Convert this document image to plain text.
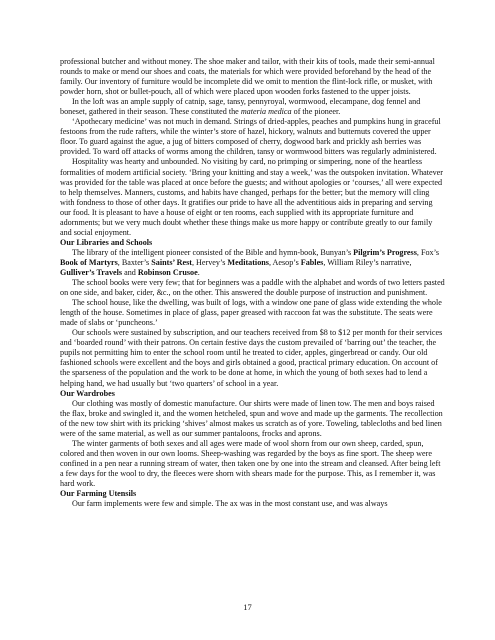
professional butcher and without money. The shoe maker and tailor, with their kits of tools, made their semi-annual rounds to make or mend our shoes and coats, the materials for which were provided beforehand by the head of the family. Our inventory of furniture would be incomplete did we omit to mention the flint-lock rifle, or musket, with powder horn, shot or bullet-pouch, all of which were placed upon wooden forks fastened to the upper joists.

In the loft was an ample supply of catnip, sage, tansy, pennyroyal, wormwood, elecampane, dog fennel and boneset, gathered in their season. These constituted the materia medica of the pioneer.

‘Apothecary medicine’ was not much in demand. Strings of dried-apples, peaches and pumpkins hung in graceful festoons from the rude rafters, while the winter’s store of hazel, hickory, walnuts and butternuts covered the upper floor. To guard against the ague, a jug of bitters composed of cherry, dogwood bark and prickly ash berries was provided. To ward off attacks of worms among the children, tansy or wormwood bitters was regularly administered.

Hospitality was hearty and unbounded. No visiting by card, no primping or simpering, none of the heartless formalities of modern artificial society. ‘Bring your knitting and stay a week,’ was the outspoken invitation. Whatever was provided for the table was placed at once before the guests; and without apologies or ‘courses,’ all were expected to help themselves. Manners, customs, and habits have changed, perhaps for the better; but the memory will cling with fondness to those of other days. It gratifies our pride to have all the adventitious aids in preparing and serving our food. It is pleasant to have a house of eight or ten rooms, each supplied with its appropriate furniture and adornments; but we very much doubt whether these things make us more happy or contribute greatly to our family and social enjoyment.

Our Libraries and Schools

The library of the intelligent pioneer consisted of the Bible and hymn-book, Bunyan’s Pilgrim’s Progress, Fox’s Book of Martyrs, Baxter’s Saints’ Rest, Hervey’s Meditations, Aesop’s Fables, William Riley’s narrative, Gulliver’s Travels and Robinson Crusoe.

The school books were very few; that for beginners was a paddle with the alphabet and words of two letters pasted on one side, and baker, cider, &c., on the other. This answered the double purpose of instruction and punishment.

The school house, like the dwelling, was built of logs, with a window one pane of glass wide extending the whole length of the house. Sometimes in place of glass, paper greased with raccoon fat was the substitute. The seats were made of slabs or ‘puncheons.’

Our schools were sustained by subscription, and our teachers received from $8 to $12 per month for their services and ‘boarded round’ with their patrons. On certain festive days the custom prevailed of ‘barring out’ the teacher, the pupils not permitting him to enter the school room until he treated to cider, apples, gingerbread or candy. Our old fashioned schools were excellent and the boys and girls obtained a good, practical primary education. On account of the sparseness of the population and the work to be done at home, in which the young of both sexes had to lend a helping hand, we had usually but ‘two quarters’ of school in a year.

Our Wardrobes

Our clothing was mostly of domestic manufacture. Our shirts were made of linen tow. The men and boys raised the flax, broke and swingled it, and the women hetcheled, spun and wove and made up the garments. The recollection of the new tow shirt with its pricking ‘shives’ almost makes us scratch as of yore. Toweling, tablecloths and bed linen were of the same material, as well as our summer pantaloons, frocks and aprons.

The winter garments of both sexes and all ages were made of wool shorn from our own sheep, carded, spun, colored and then woven in our own looms. Sheep-washing was regarded by the boys as fine sport. The sheep were confined in a pen near a running stream of water, then taken one by one into the stream and cleansed. After being left a few days for the wool to dry, the fleeces were shorn with shears made for the purpose. This, as I remember it, was hard work.

Our Farming Utensils

Our farm implements were few and simple. The ax was in the most constant use, and was always

17
